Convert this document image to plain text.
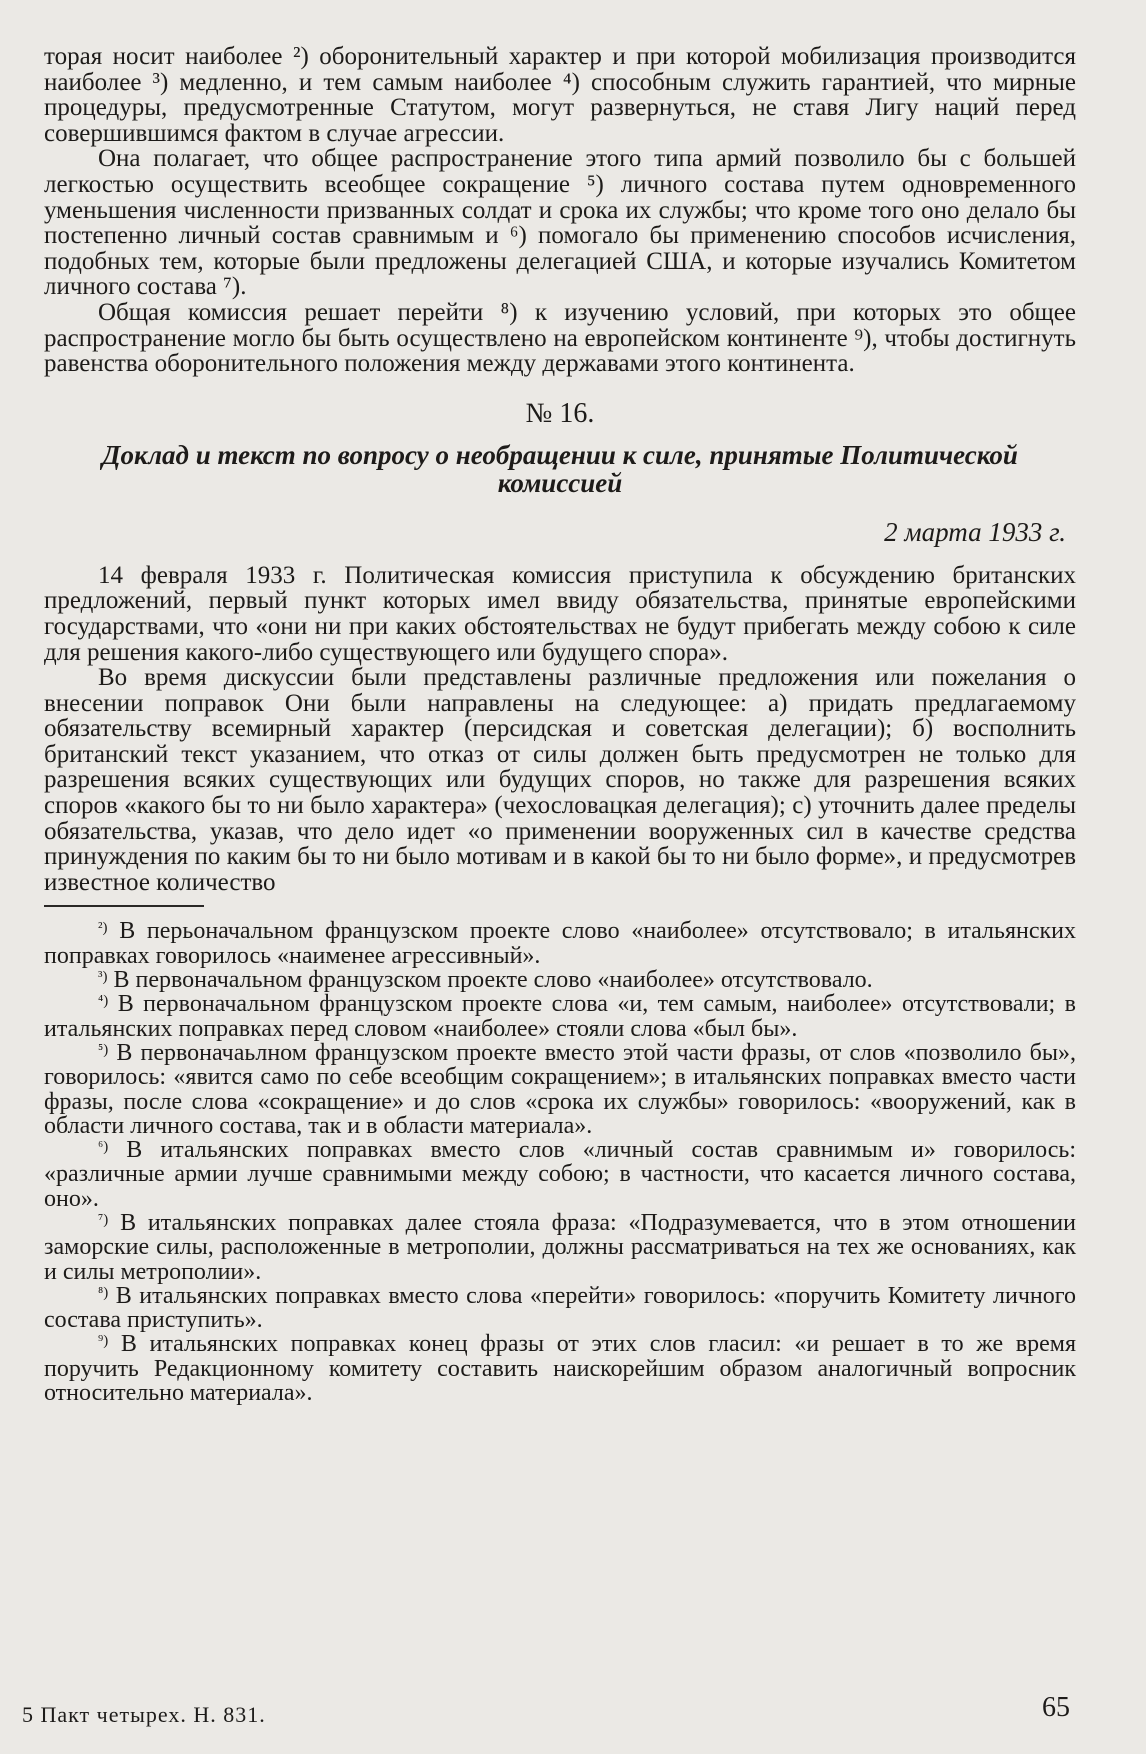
торая носит наиболее ²) оборонительный характер и при которой мобилизация производится наиболее ³) медленно, и тем самым наиболее ⁴) способным служить гарантией, что мирные процедуры, предусмотренные Статутом, могут развернуться, не ставя Лигу наций перед совершившимся фактом в случае агрессии.

Она полагает, что общее распространение этого типа армий позволило бы с большей легкостью осуществить всеобщее сокращение ⁵) личного состава путем одновременного уменьшения численности призванных солдат и срока их службы; что кроме того оно делало бы постепенно личный состав сравнимым и ⁶) помогало бы применению способов исчисления, подобных тем, которые были предложены делегацией США, и которые изучались Комитетом личного состава ⁷).

Общая комиссия решает перейти ⁸) к изучению условий, при которых это общее распространение могло бы быть осуществлено на европейском континенте ⁹), чтобы достигнуть равенства оборонительного положения между державами этого континента.

№ 16.
Доклад и текст по вопросу о необращении к силе, принятые Политической комиссией
2 марта 1933 г.

14 февраля 1933 г. Политическая комиссия приступила к обсуждению британских предложений, первый пункт которых имел ввиду обязательства, принятые европейскими государствами, что «они ни при каких обстоятельствах не будут прибегать между собою к силе для решения какого-либо существующего или будущего спора».

Во время дискуссии были представлены различные предложения или пожелания о внесении поправок Они были направлены на следующее: а) придать предлагаемому обязательству всемирный характер (персидская и советская делегации); б) восполнить британский текст указанием, что отказ от силы должен быть предусмотрен не только для разрешения всяких существующих или будущих споров, но также для разрешения всяких споров «какого бы то ни было характера» (чехословацкая делегация); с) уточнить далее пределы обязательства, указав, что дело идет «о применении вооруженных сил в качестве средства принуждения по каким бы то ни было мотивам и в какой бы то ни было форме», и предусмотрев известное количество

$^{^2)}$ В перьоначальном французском проекте слово «наиболее» отсутствовало; в итальянских поправках говорилось «наименее агрессивный».

$^{^3)}$ В первоначальном французском проекте слово «наиболее» отсутствовало.

$^{^4)}$ В первоначальном французском проекте слова «и, тем самым, наиболее» отсутствовали; в итальянских поправках перед словом «наиболее» стояли слова «был бы».

$^{^5)}$ В первоначаьлном французском проекте вместо этой части фразы, от слов «позволило бы», говорилось: «явится само по себе всеобщим сокращением»; в итальянских поправках вместо части фразы, после слова «сокращение» и до слов «срока их службы» говорилось: «вооружений, как в области личного состава, так и в области материала».

$^{^6)}$ В итальянских поправках вместо слов «личный состав сравнимым и» говорилось: «различные армии лучше сравнимыми между собою; в частности, что касается личного состава, оно».

$^{^7)}$ В итальянских поправках далее стояла фраза: «Подразумевается, что в этом отношении заморские силы, расположенные в метрополии, должны рассматриваться на тех же основаниях, как и силы метрополии».

$^{^8)}$ В итальянских поправках вместо слова «перейти» говорилось: «поручить Комитету личного состава приступить».

$^{^9)}$ В итальянских поправках конец фразы от этих слов гласил: «и решает в то же время поручить Редакционному комитету составить наискорейшим образом аналогичный вопросник относительно материала».

5 Пакт четырех. Н. 831.	65
